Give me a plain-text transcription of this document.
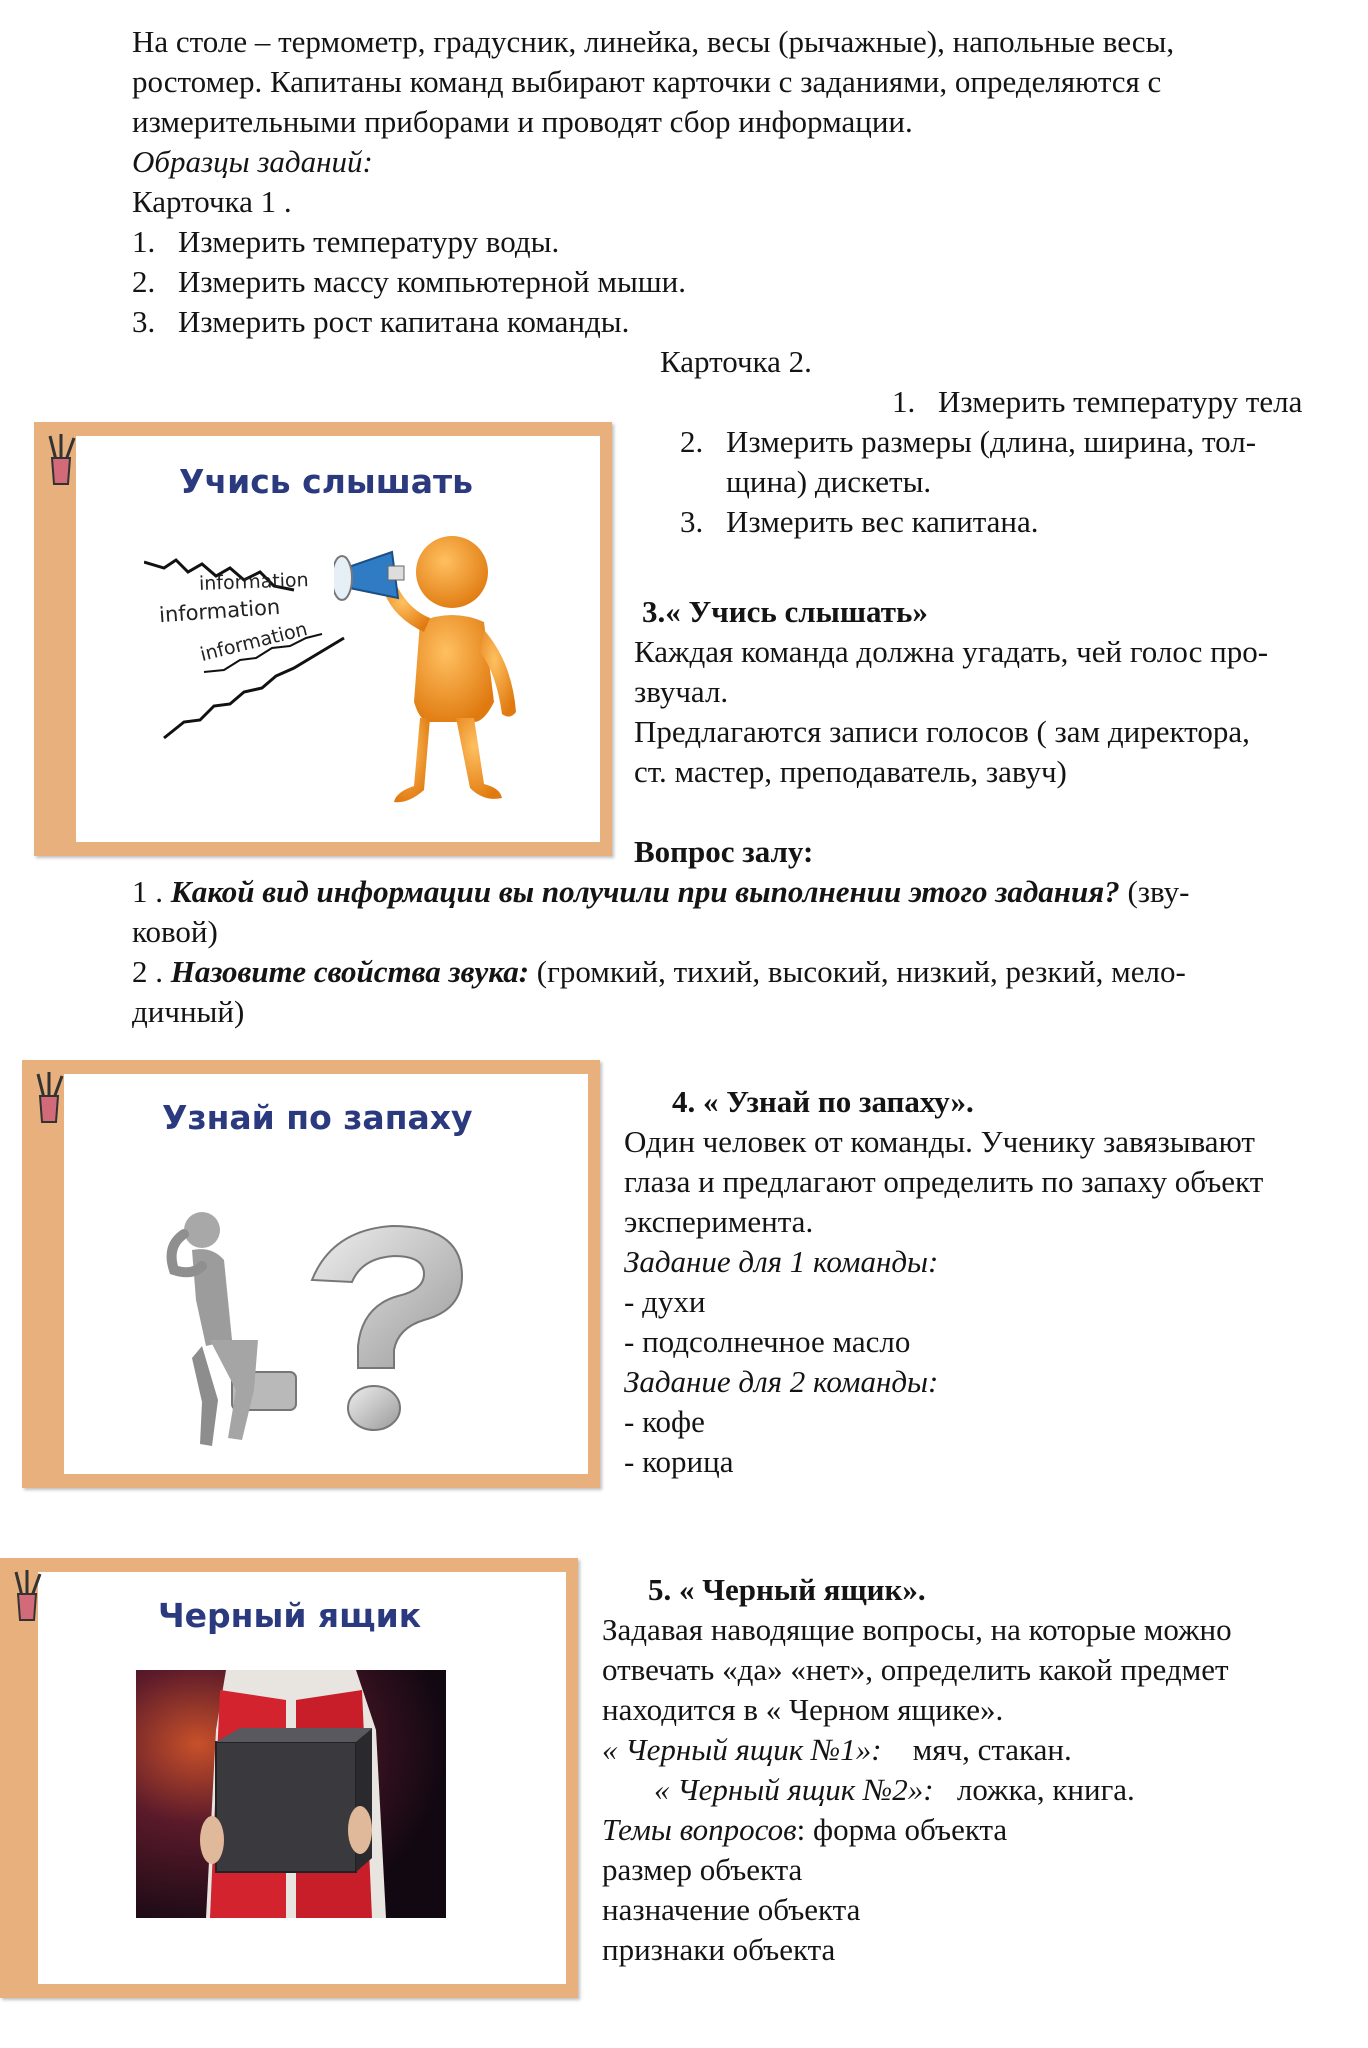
На столе – термометр, градусник, линейка, весы (рычажные), напольные весы,
ростомер. Капитаны команд выбирают карточки с заданиями, определяются с
измерительными приборами и проводят сбор информации.
Образцы заданий:
Карточка 1 .
1. Измерить температуру воды.
2. Измерить массу компьютерной мыши.
3. Измерить рост капитана команды.
Карточка 2.
1. Измерить температуру тела
2. Измерить размеры (длина, ширина, тол-
щина) дискеты.
3. Измерить вес капитана.
Учись слышать
information
information
information
3.« Учись слышать»
Каждая команда должна угадать, чей голос про-
звучал.
Предлагаются записи голосов ( зам директора,
ст. мастер, преподаватель, завуч)
Вопрос залу:
1 . Какой вид информации вы получили при выполнении этого задания? (зву-
ковой)
2 . Назовите свойства звука: (громкий, тихий, высокий, низкий, резкий, мело-
дичный)
Узнай по запаху	4. « Узнай по запаху».
Один человек от команды. Ученику завязывают
глаза и предлагают определить по запаху объект
эксперимента.
Задание для 1 команды:
- духи
- подсолнечное масло
Задание для 2 команды:
- кофе
- корица
Черный ящик
5. « Черный ящик».
Задавая наводящие вопросы, на которые можно
отвечать «да» «нет», определить какой предмет
находится в « Черном ящике».
« Черный ящик №1»: мяч, стакан.
« Черный ящик №2»: ложка, книга.
Темы вопросов: форма объекта
размер объекта
назначение объекта
признаки объекта
